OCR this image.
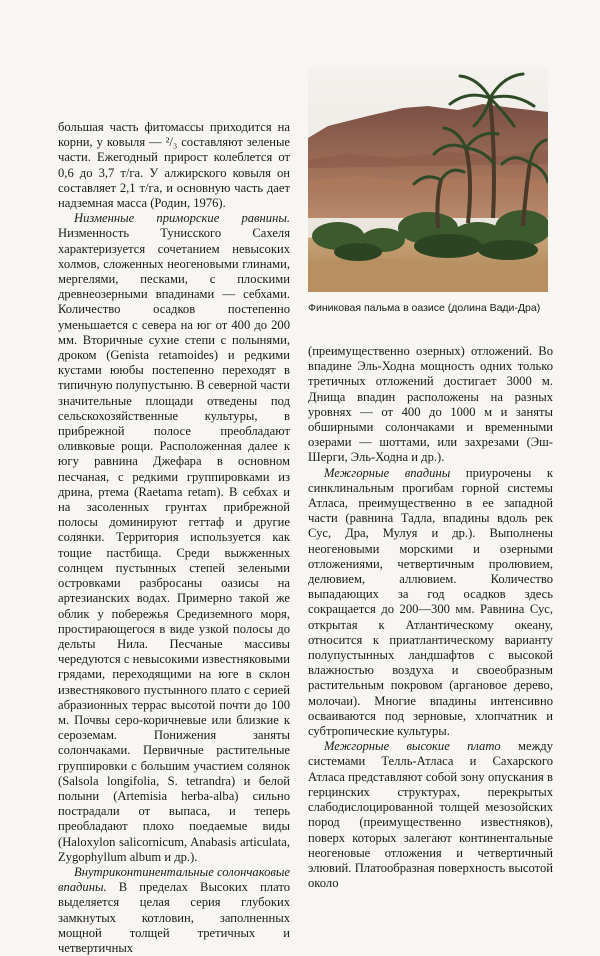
Финиковая пальма в оазисе (долина Вади-Дра)

большая часть фитомассы приходится на корни, у ковыля — ²/₃ составляют зеленые части. Ежегодный прирост колеблется от 0,6 до 3,7 т/га. У алжирского ковыля он составляет 2,1 т/га, и основную часть дает надземная масса (Родин, 1976).

Низменные приморские равнины. Низменность Тунисского Сахеля характеризуется сочетанием невысоких холмов, сложенных неогеновыми глинами, мергелями, песками, с плоскими древнеозерными впадинами — себхами. Количество осадков постепенно уменьшается с севера на юг от 400 до 200 мм. Вторичные сухие степи с полынями, дроком (Genista retamoides) и редкими кустами ююбы постепенно переходят в типичную полупустыню. В северной части значительные площади отведены под сельскохозяйственные культуры, в прибрежной полосе преобладают оливковые рощи. Расположенная далее к югу равнина Джефара в основном песчаная, с редкими группировками из дрина, ртема (Raetama retam). В себхах и на засоленных грунтах прибрежной полосы доминируют геттаф и другие солянки. Территория используется как тощие пастбища. Среди выжженных солнцем пустынных степей зелеными островками разбросаны оазисы на артезианских водах. Примерно такой же облик у побережья Средиземного моря, простирающегося в виде узкой полосы до дельты Нила. Песчаные массивы чередуются с невысокими известняковыми грядами, переходящими на юге в склон известнякового пустынного плато с серией абразионных террас высотой почти до 100 м. Почвы серо-коричневые или близкие к сероземам. Понижения заняты солончаками. Первичные растительные группировки с большим участием солянок (Salsola longifolia, S. tetrandra) и белой полыни (Artemisia herba-alba) сильно пострадали от выпаса, и теперь преобладают плохо поедаемые виды (Haloxylon salicornicum, Anabasis articulata, Zygophyllum album и др.).

Внутриконтинентальные солончаковые впадины. В пределах Высоких плато выделяется целая серия глубоких замкнутых котловин, заполненных мощной толщей третичных и четвертичных

(преимущественно озерных) отложений. Во впадине Эль-Ходна мощность одних только третичных отложений достигает 3000 м. Днища впадин расположены на разных уровнях — от 400 до 1000 м и заняты обширными солончаками и временными озерами — шоттами, или захрезами (Эш-Шерги, Эль-Ходна и др.).

Межгорные впадины приурочены к синклинальным прогибам горной системы Атласа, преимущественно в ее западной части (равнина Тадла, впадины вдоль рек Сус, Дра, Мулуя и др.). Выполнены неогеновыми морскими и озерными отложениями, четвертичным пролювием, делювием, аллювием. Количество выпадающих за год осадков здесь сокращается до 200—300 мм. Равнина Сус, открытая к Атлантическому океану, относится к приатлантическому варианту полупустынных ландшафтов с высокой влажностью воздуха и своеобразным растительным покровом (аргановое дерево, молочаи). Многие впадины интенсивно осваиваются под зерновые, хлопчатник и субтропические культуры.

Межгорные высокие плато между системами Телль-Атласа и Сахарского Атласа представляют собой зону опускания в герцинских структурах, перекрытых слабодислоцированной толщей мезозойских пород (преимущественно известняков), поверх которых залегают континентальные неогеновые отложения и четвертичный элювий. Платообразная поверхность высотой около
